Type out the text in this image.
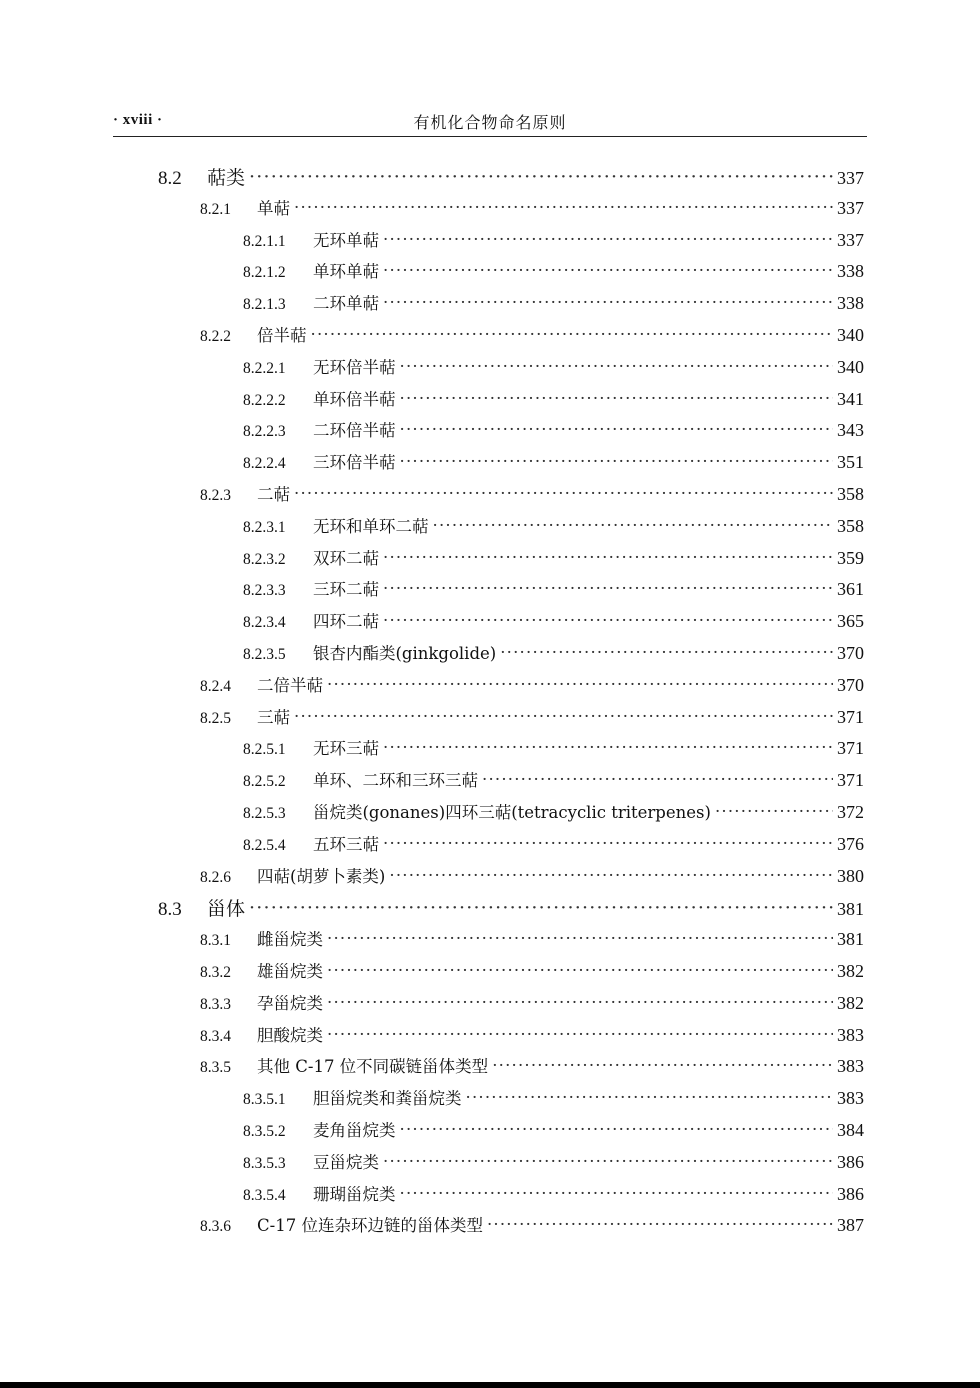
· xviii ·	有机化合物命名原则
8.2	萜类 ·····	337
8.2.1	单萜 ·····	337
8.2.1.1	无环单萜 ·····	337
8.2.1.2	单环单萜 ·····	338
8.2.1.3	二环单萜 ·····	338
8.2.2	倍半萜 ·····	340
8.2.2.1	无环倍半萜 ·····	340
8.2.2.2	单环倍半萜 ·····	341
8.2.2.3	二环倍半萜 ·····	343
8.2.2.4	三环倍半萜 ·····	351
8.2.3	二萜 ·····	358
8.2.3.1	无环和单环二萜 ·····	358
8.2.3.2	双环二萜 ·····	359
8.2.3.3	三环二萜 ·····	361
8.2.3.4	四环二萜 ·····	365
8.2.3.5	银杏内酯类(ginkgolide) ·····	370
8.2.4	二倍半萜 ·····	370
8.2.5	三萜 ·····	371
8.2.5.1	无环三萜 ·····	371
8.2.5.2	单环、二环和三环三萜 ·····	371
8.2.5.3	甾烷类(gonanes)四环三萜(tetracyclic triterpenes) ·····	372
8.2.5.4	五环三萜 ·····	376
8.2.6	四萜(胡萝卜素类) ·····	380
8.3	甾体 ·····	381
8.3.1	雌甾烷类 ·····	381
8.3.2	雄甾烷类 ·····	382
8.3.3	孕甾烷类 ·····	382
8.3.4	胆酸烷类 ·····	383
8.3.5	其他 C-17 位不同碳链甾体类型 ·····	383
8.3.5.1	胆甾烷类和粪甾烷类 ·····	383
8.3.5.2	麦角甾烷类 ·····	384
8.3.5.3	豆甾烷类 ·····	386
8.3.5.4	珊瑚甾烷类 ·····	386
8.3.6	C-17 位连杂环边链的甾体类型 ·····	387
